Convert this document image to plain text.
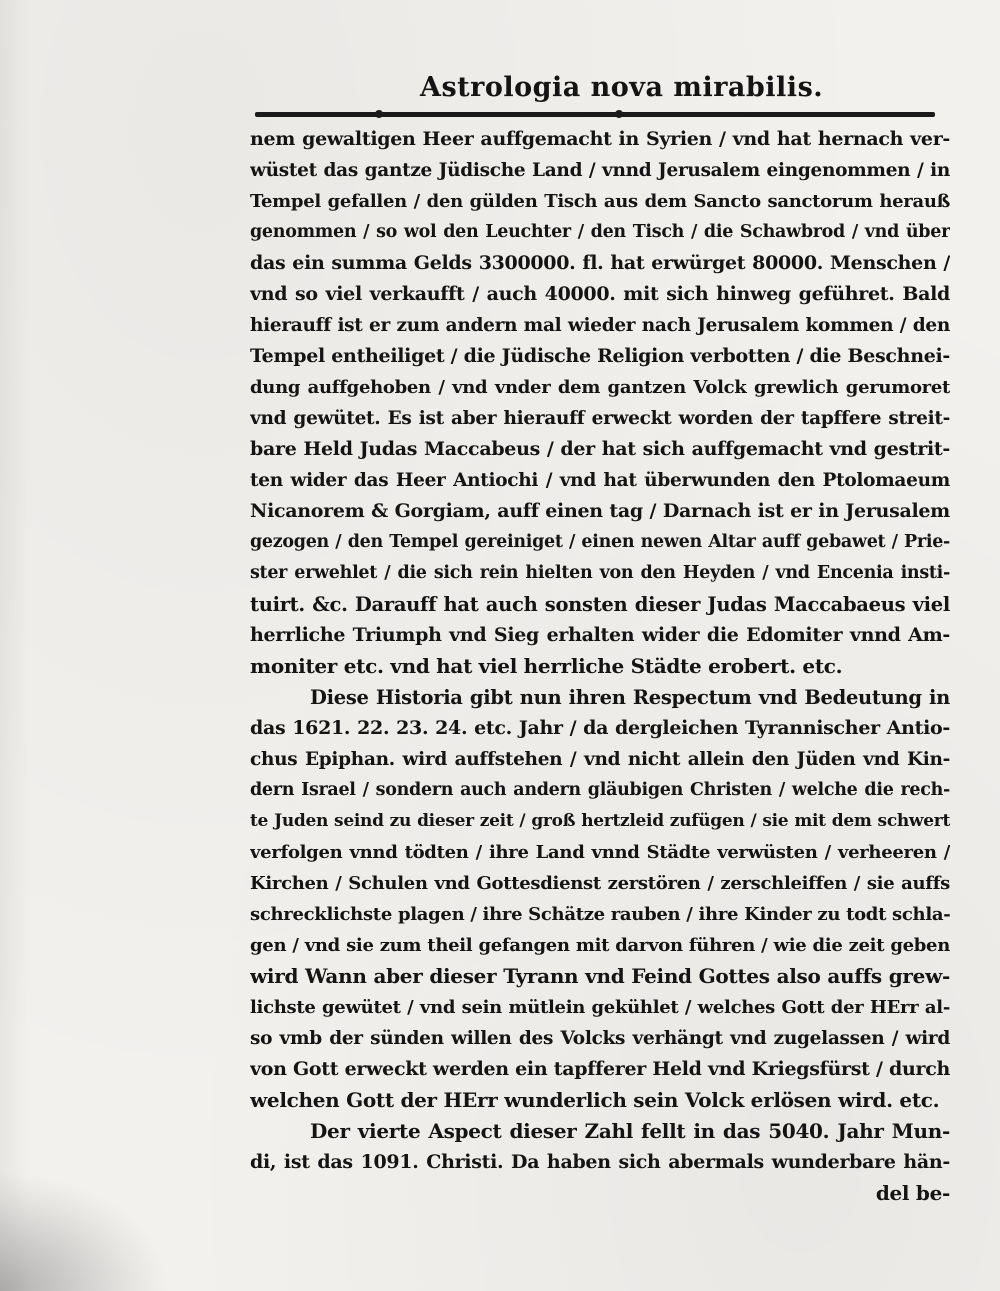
Astrologia nova mirabilis.
nem gewaltigen Heer auffgemacht in Syrien / vnd hat hernach ver-
wüstet das gantze Jüdische Land / vnnd Jerusalem eingenommen / in
Tempel gefallen / den gülden Tisch aus dem Sancto sanctorum herauß
genommen / so wol den Leuchter / den Tisch / die Schawbrod / vnd über
das ein summa Gelds 3300000. fl. hat erwürget 80000. Menschen /
vnd so viel verkaufft / auch 40000. mit sich hinweg geführet. Bald
hierauff ist er zum andern mal wieder nach Jerusalem kommen / den
Tempel entheiliget / die Jüdische Religion verbotten / die Beschnei-
dung auffgehoben / vnd vnder dem gantzen Volck grewlich gerumoret
vnd gewütet. Es ist aber hierauff erweckt worden der tapffere streit-
bare Held Judas Maccabeus / der hat sich auffgemacht vnd gestrit-
ten wider das Heer Antiochi / vnd hat überwunden den Ptolomaeum
Nicanorem & Gorgiam, auff einen tag / Darnach ist er in Jerusalem
gezogen / den Tempel gereiniget / einen newen Altar auff gebawet / Prie-
ster erwehlet / die sich rein hielten von den Heyden / vnd Encenia insti-
tuirt. &c. Darauff hat auch sonsten dieser Judas Maccabaeus viel
herrliche Triumph vnd Sieg erhalten wider die Edomiter vnnd Am-
moniter etc. vnd hat viel herrliche Städte erobert. etc.
Diese Historia gibt nun ihren Respectum vnd Bedeutung in
das 1621. 22. 23. 24. etc. Jahr / da dergleichen Tyrannischer Antio-
chus Epiphan. wird auffstehen / vnd nicht allein den Jüden vnd Kin-
dern Israel / sondern auch andern gläubigen Christen / welche die rech-
te Juden seind zu dieser zeit / groß hertzleid zufügen / sie mit dem schwert
verfolgen vnnd tödten / ihre Land vnnd Städte verwüsten / verheeren /
Kirchen / Schulen vnd Gottesdienst zerstören / zerschleiffen / sie auffs
schrecklichste plagen / ihre Schätze rauben / ihre Kinder zu todt schla-
gen / vnd sie zum theil gefangen mit darvon führen / wie die zeit geben
wird Wann aber dieser Tyrann vnd Feind Gottes also auffs grew-
lichste gewütet / vnd sein mütlein gekühlet / welches Gott der HErr al-
so vmb der sünden willen des Volcks verhängt vnd zugelassen / wird
von Gott erweckt werden ein tapfferer Held vnd Kriegsfürst / durch
welchen Gott der HErr wunderlich sein Volck erlösen wird. etc.
Der vierte Aspect dieser Zahl fellt in das 5040. Jahr Mun-
di, ist das 1091. Christi. Da haben sich abermals wunderbare hän-
del be-
